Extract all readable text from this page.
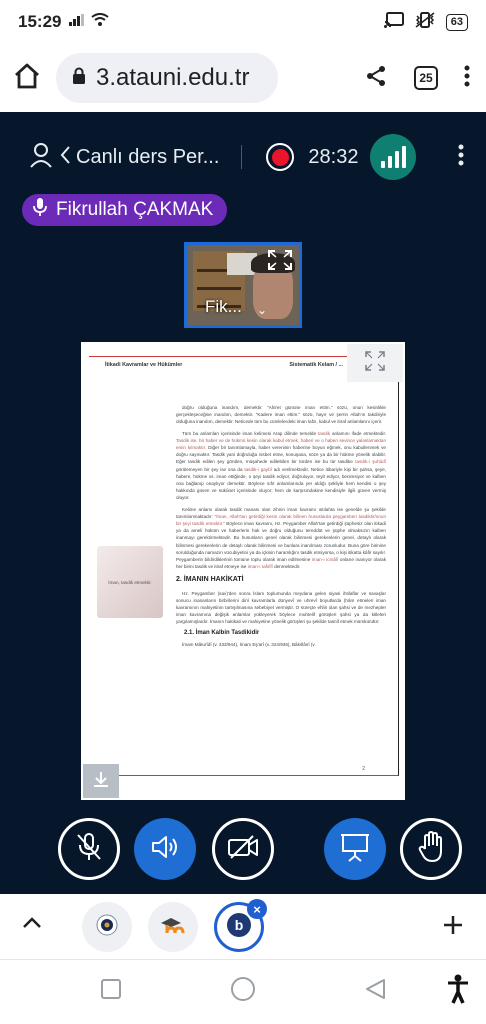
15:29	63
3.atauni.edu.tr	25
Canlı ders Per...	28:32
Fikrullah ÇAKMAK
Fik... ⌄
İtikadi Kavramlar ve Hükümler	Sistematik Kelam / ...

doğru olduğuna inandım, demektir. "Ahiret gününe iman ettim." sözü, onun kesinlikle gerçekleşeceğine inandım, demektir. "Kadere iman ettim." sözü, hayır ve şerrin Allah'ın takdiriyle olduğuna inandım, demektir. Neticede tüm bu cümlelerdeki iman lafzı, kabul ve itiraf anlamlarını içerir.

Tüm bu anlamları içerisinde iman kelimesi Arap dilinde temelde tasdik anlamını ifade etmektedir. Tasdik ise, bir haber ve de hükmü kesin olarak kabul etmek, haberi ve o haberi sevince yalanlamaktan emin kılmaktır. Diğer bir tanımlamayla, haber vereninin haberine boyun eğmek, onu kabullenmek ve doğru saymaktır. Tasdik yani doğruluğa nisbet etme, konuşana, söze ya da bir hükme yönelik olabilir. Eğer tasdik edilen şey görülen, müşahede edilebilen bir türden ise bu tür tasdike tasdik-i şuhûdî görülemeyen bir şey ise ona da tasdik-i gaybî adı verilmektedir. Netice itibariyle kişi bir şahsa, şeye, habere, hükme vs. iman ettiğinde, o şeyi tasdik ediyor, doğruluyor, teyit ediyor, benimsiyor ve kalben ona bağlanıp onaylıyor demektir. Böylece sıfıt anlamlarında yer aldığı şekliyle hem kendisi o şey hakkında güven ve sükûnet içerisinde oluyor; hem de karşısındakine kendisiyle ilgili güven vermiş oluyor.

Kelime anlamı olarak tasdik manası olan zihnin iman kavramı ıstılahta ise genelde şu şekilde tanımlanmaktadır: "İman, Allah'tan getirdiği kesin olarak bilinen hususlarda peygamberi tasdiktir/onun bir şeyi tasdik etmektir." Böylece iman kavramı, Hz. Peygamber Allah'tan getirdiği şüphesiz olan itikadi ya da ameli hüküm ve haberlerin hak ve doğru olduğunu tereddüt ve şüphe olmaksızın kalben inanmayı gerektirmektedir. Bu hususların genel olarak bilinmesi gerekenlerin genel, detaylı olarak bilinmesi gerekenlerin de detaylı olarak bilinmesi ve bunlara inanılması zorunludur. Buna göre birinine sorulduğunda namazın vücubiyetini ya da içkinin haramlığını tasdik etmiyorsa, o kişi itikatta kâfir sayılır. Peygamberin bildirdiklerinin tümüne toplu olarak iman edilmesine iman-ı icmâlî onlarıe inanıyor olarak her birini tasdik ve itiraf etmeye ise iman-ı tafsîlî denmektedir.

2. İMANIN HAKİKATİ

Hz. Peygamber (sav)'den sonra İslam toplumunda meydana gelen siyasi ihtilaflar ve savaşlar sonucu inananların birbirlerini dinî kavramlarla dünyevî ve uhrevî boyutlarda (hâm etmeleri iman kavramının mahiyetinin tartışılmasına sebebiyet vermiştir. O süreçte ehlin olan şahsi ve de mezhepler iman kavramına değişik anlamlar yükleyerek böylece muhtelif görüşleri şahsi ya da kitleleri yargılamışlardır. İmanın hakikati ve mahiyetine yönelik görüşleri şu şekilde tasnif etmek mümkündür:

2.1. İman Kalbin Tasdikidir

İmam Mâturîdî (v. 333/944), İmam Eş'arî (v. 324/936), Bâkıllânî (v.

İman, tasdik etmektir.
2
b
×
